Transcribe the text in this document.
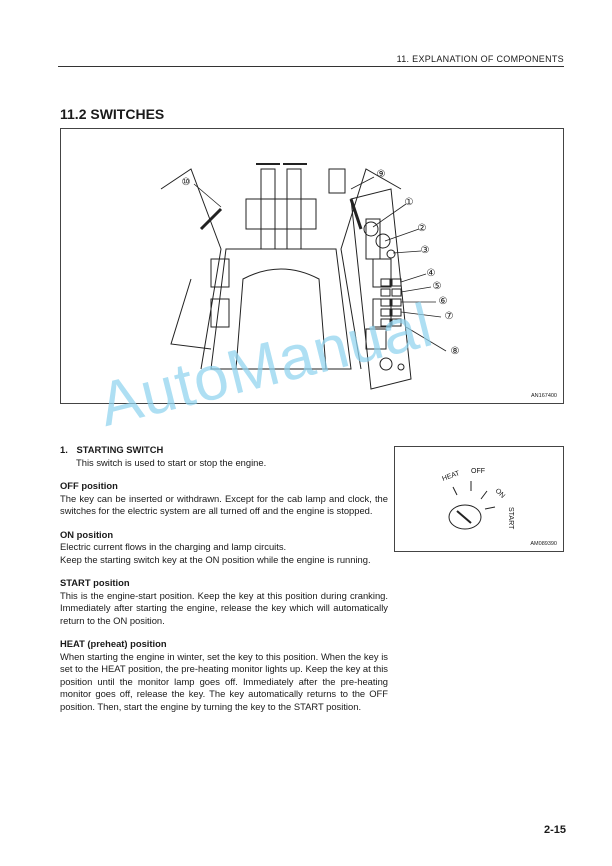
11. EXPLANATION OF COMPONENTS
11.2 SWITCHES
⑩
⑨
①
②
③
④
⑤
⑥
⑦
⑧
AN167400
HEAT OFF
ON
START
AM089390
1. STARTING SWITCH
This switch is used to start or stop the engine.
OFF position
The key can be inserted or withdrawn. Except for the cab lamp and clock, the switches for the electric system are all turned off and the engine is stopped.
ON position
Electric current flows in the charging and lamp circuits.
Keep the starting switch key at the ON position while the engine is running.
START position
This is the engine-start position. Keep the key at this position during cranking. Immediately after starting the engine, release the key which will automatically return to the ON position.
HEAT (preheat) position
When starting the engine in winter, set the key to this position. When the key is set to the HEAT position, the pre-heating monitor lights up. Keep the key at this position until the monitor lamp goes off. Immediately after the pre-heating monitor goes off, release the key. The key automatically returns to the OFF position. Then, start the engine by turning the key to the START position.
AutoManual
2-15
